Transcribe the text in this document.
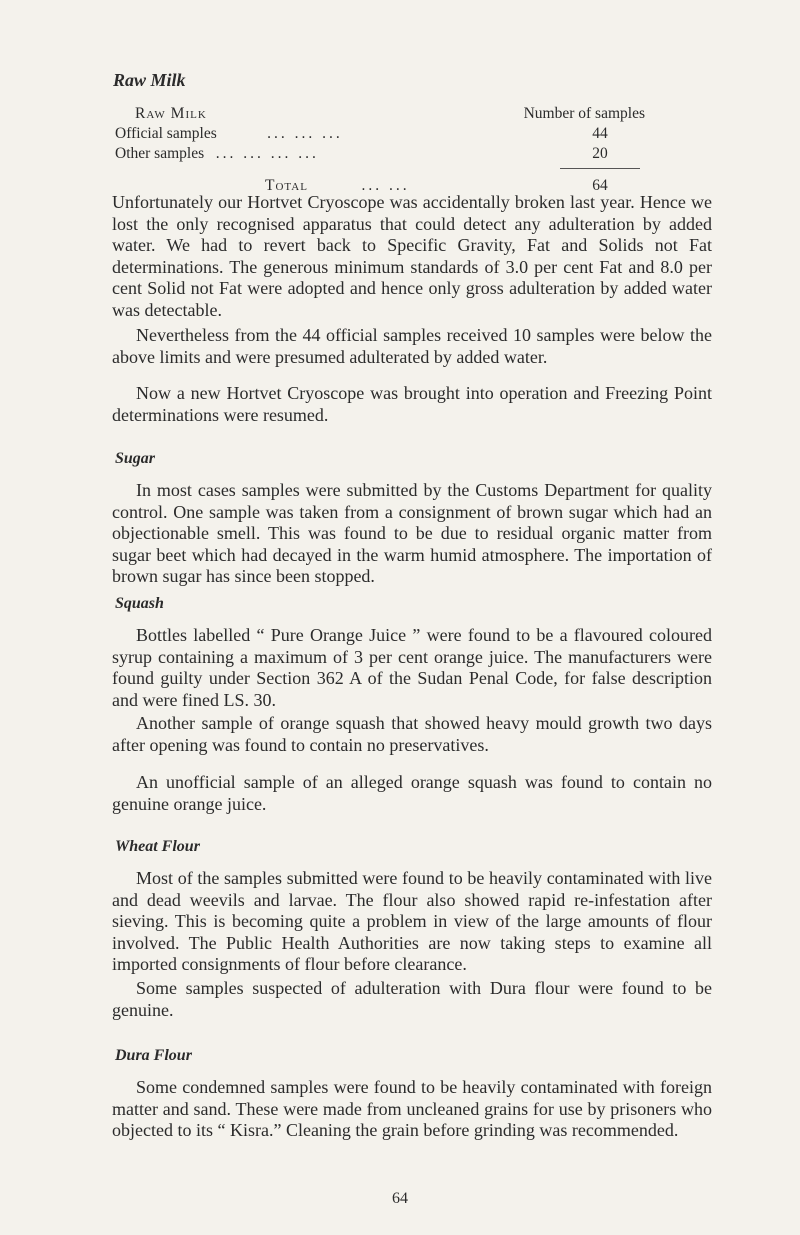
Raw Milk
Raw Milk	Number of samples
Official samples	... ... ...	44
Other samples ... ... ... ...	20
Total	... ...	64

Unfortunately our Hortvet Cryoscope was accidentally broken last year. Hence we lost the only recognised apparatus that could detect any adulteration by added water. We had to revert back to Specific Gravity, Fat and Solids not Fat determinations. The generous minimum standards of 3.0 per cent Fat and 8.0 per cent Solid not Fat were adopted and hence only gross adulteration by added water was detectable.

Nevertheless from the 44 official samples received 10 samples were below the above limits and were presumed adulterated by added water.

Now a new Hortvet Cryoscope was brought into operation and Freezing Point determinations were resumed.

Sugar

In most cases samples were submitted by the Customs Department for quality control. One sample was taken from a consignment of brown sugar which had an objectionable smell. This was found to be due to residual organic matter from sugar beet which had decayed in the warm humid atmosphere. The importation of brown sugar has since been stopped.

Squash

Bottles labelled “ Pure Orange Juice ” were found to be a flavoured coloured syrup containing a maximum of 3 per cent orange juice. The manufacturers were found guilty under Section 362 A of the Sudan Penal Code, for false description and were fined LS. 30.

Another sample of orange squash that showed heavy mould growth two days after opening was found to contain no preservatives.

An unofficial sample of an alleged orange squash was found to contain no genuine orange juice.

Wheat Flour

Most of the samples submitted were found to be heavily contaminated with live and dead weevils and larvae. The flour also showed rapid re-infestation after sieving. This is becoming quite a problem in view of the large amounts of flour involved. The Public Health Authorities are now taking steps to examine all imported consignments of flour before clearance.

Some samples suspected of adulteration with Dura flour were found to be genuine.

Dura Flour

Some condemned samples were found to be heavily contaminated with foreign matter and sand. These were made from uncleaned grains for use by prisoners who objected to its “ Kisra.” Cleaning the grain before grinding was recommended.

64
